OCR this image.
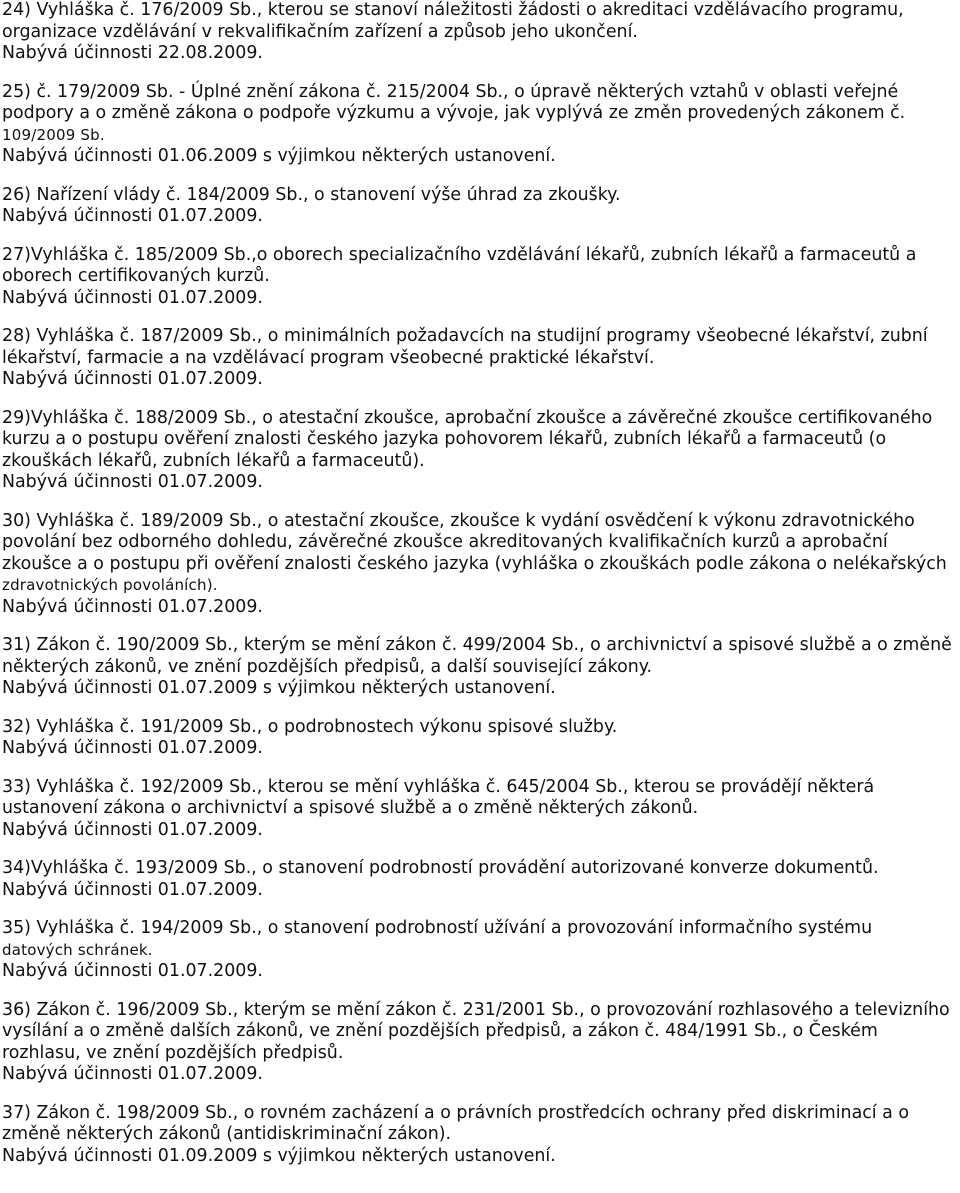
24) Vyhláška č. 176/2009 Sb., kterou se stanoví náležitosti žádosti o akreditaci vzdělávacího programu, organizace vzdělávání v rekvalifikačním zařízení a způsob jeho ukončení.

Nabývá účinnosti 22.08.2009.

25) č. 179/2009 Sb. - Úplné znění zákona č. 215/2004 Sb., o úpravě některých vztahů v oblasti veřejné podpory a o změně zákona o podpoře výzkumu a vývoje, jak vyplývá ze změn provedených zákonem č.

109/2009 Sb.

Nabývá účinnosti 01.06.2009 s výjimkou některých ustanovení.

26) Nařízení vlády č. 184/2009 Sb., o stanovení výše úhrad za zkoušky.

Nabývá účinnosti 01.07.2009.

27)Vyhláška č. 185/2009 Sb.,o oborech specializačního vzdělávání lékařů, zubních lékařů a farmaceutů a oborech certifikovaných kurzů.

Nabývá účinnosti 01.07.2009.

28) Vyhláška č. 187/2009 Sb., o minimálních požadavcích na studijní programy všeobecné lékařství, zubní lékařství, farmacie a na vzdělávací program všeobecné praktické lékařství.

Nabývá účinnosti 01.07.2009.

29)Vyhláška č. 188/2009 Sb., o atestační zkoušce, aprobační zkoušce a závěrečné zkoušce certifikovaného kurzu a o postupu ověření znalosti českého jazyka pohovorem lékařů, zubních lékařů a farmaceutů (o zkouškách lékařů, zubních lékařů a farmaceutů).

Nabývá účinnosti 01.07.2009.

30) Vyhláška č. 189/2009 Sb., o atestační zkoušce, zkoušce k vydání osvědčení k výkonu zdravotnického povolání bez odborného dohledu, závěrečné zkoušce akreditovaných kvalifikačních kurzů a aprobační zkoušce a o postupu při ověření znalosti českého jazyka (vyhláška o zkouškách podle zákona o nelékařských

zdravotnických povoláních).

Nabývá účinnosti 01.07.2009.

31) Zákon č. 190/2009 Sb., kterým se mění zákon č. 499/2004 Sb., o archivnictví a spisové službě a o změně některých zákonů, ve znění pozdějších předpisů, a další související zákony.

Nabývá účinnosti 01.07.2009 s výjimkou některých ustanovení.

32) Vyhláška č. 191/2009 Sb., o podrobnostech výkonu spisové služby.

Nabývá účinnosti 01.07.2009.

33) Vyhláška č. 192/2009 Sb., kterou se mění vyhláška č. 645/2004 Sb., kterou se provádějí některá ustanovení zákona o archivnictví a spisové službě a o změně některých zákonů.

Nabývá účinnosti 01.07.2009.

34)Vyhláška č. 193/2009 Sb., o stanovení podrobností provádění autorizované konverze dokumentů.

Nabývá účinnosti 01.07.2009.

35) Vyhláška č. 194/2009 Sb., o stanovení podrobností užívání a provozování informačního systému

datových schránek.

Nabývá účinnosti 01.07.2009.

36) Zákon č. 196/2009 Sb., kterým se mění zákon č. 231/2001 Sb., o provozování rozhlasového a televizního vysílání a o změně dalších zákonů, ve znění pozdějších předpisů, a zákon č. 484/1991 Sb., o Českém rozhlasu, ve znění pozdějších předpisů.

Nabývá účinnosti 01.07.2009.

37) Zákon č. 198/2009 Sb., o rovném zacházení a o právních prostředcích ochrany před diskriminací a o změně některých zákonů (antidiskriminační zákon).

Nabývá účinnosti 01.09.2009 s výjimkou některých ustanovení.
